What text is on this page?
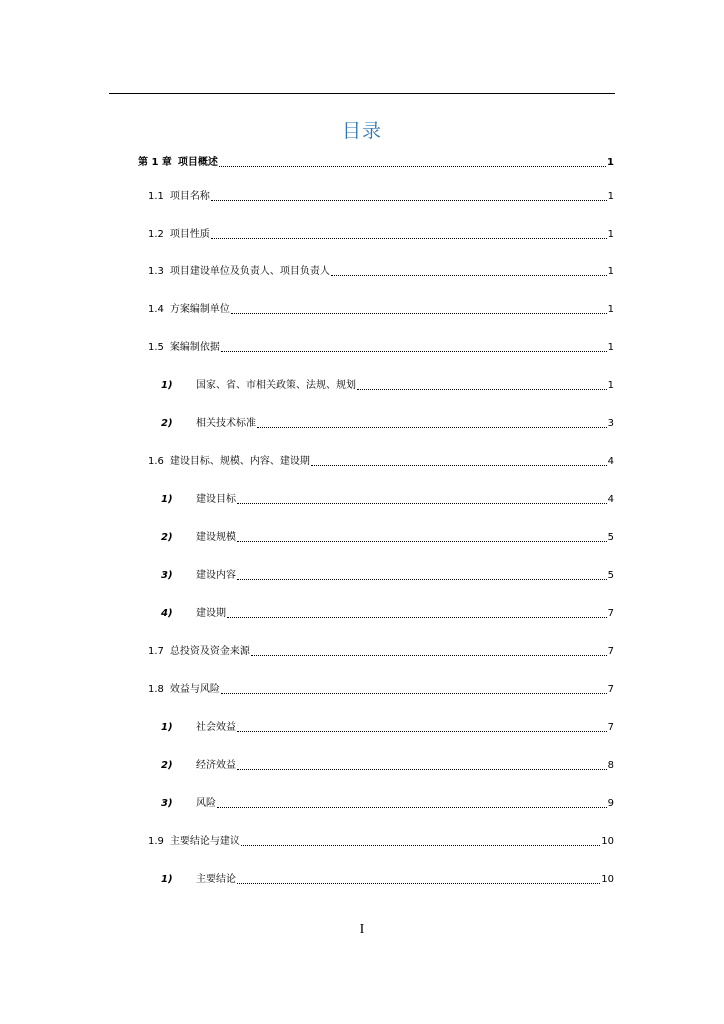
目录
第 1 章 项目概述	1
1.1 项目名称	1
1.2 项目性质	1
1.3 项目建设单位及负责人、项目负责人	1
1.4 方案编制单位	1
1.5 案编制依据	1
1)	国家、省、市相关政策、法规、规划	1
2)	相关技术标准	3
1.6 建设目标、规模、内容、建设期	4
1)	建设目标	4
2)	建设规模	5
3)	建设内容	5
4)	建设期	7
1.7 总投资及资金来源	7
1.8 效益与风险	7
1)	社会效益	7
2)	经济效益	8
3)	风险	9
1.9 主要结论与建议	10
1)	主要结论	10
I
